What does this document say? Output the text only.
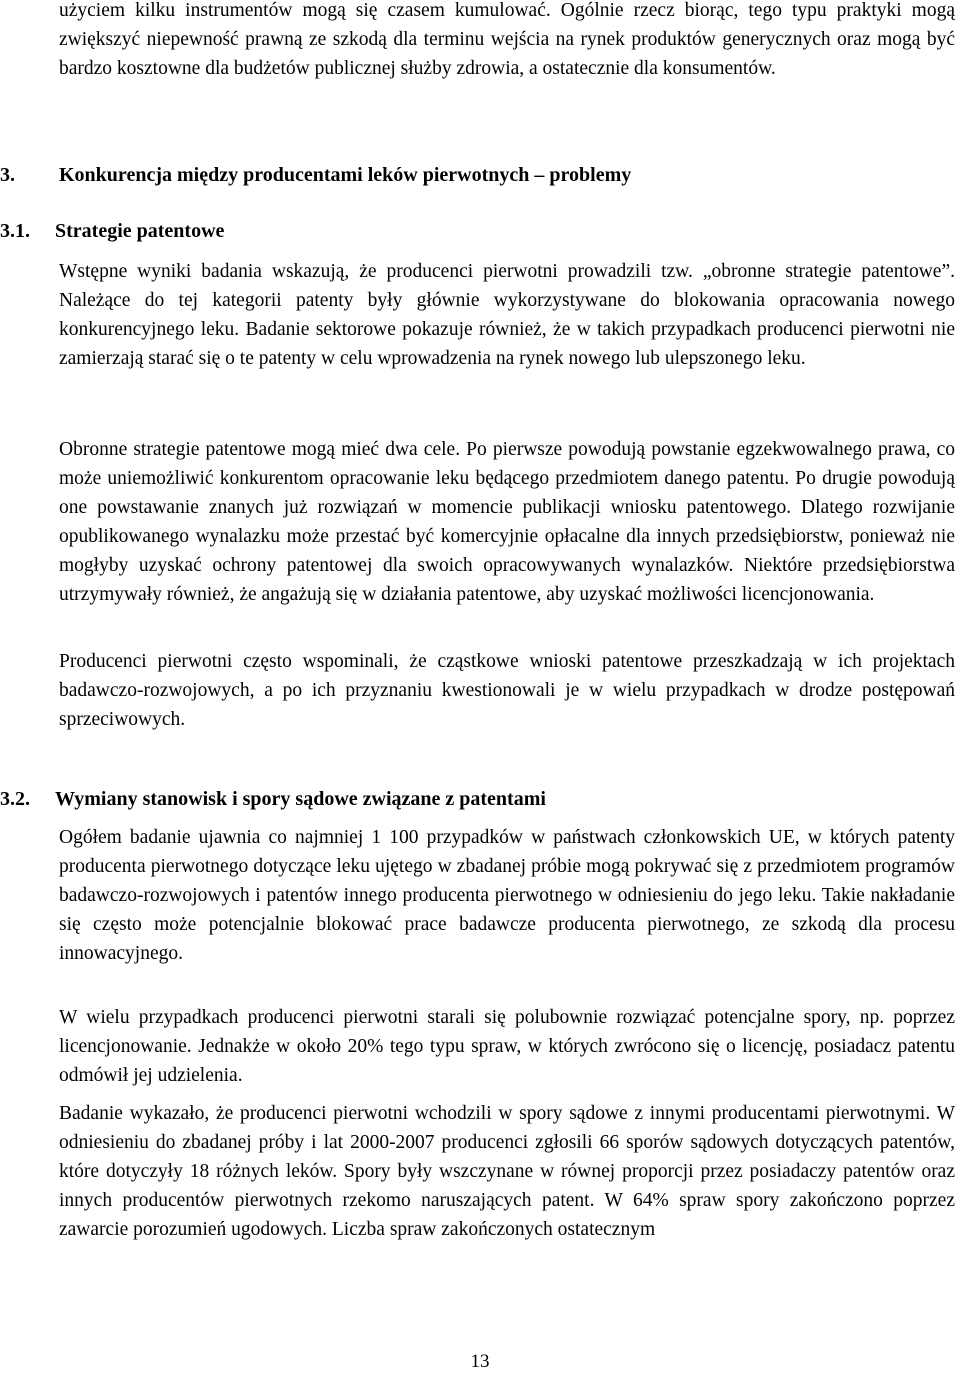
użyciem kilku instrumentów mogą się czasem kumulować. Ogólnie rzecz biorąc, tego typu praktyki mogą zwiększyć niepewność prawną ze szkodą dla terminu wejścia na rynek produktów generycznych oraz mogą być bardzo kosztowne dla budżetów publicznej służby zdrowia, a ostatecznie dla konsumentów.

3. Konkurencja między producentami leków pierwotnych – problemy
3.1. Strategie patentowe

Wstępne wyniki badania wskazują, że producenci pierwotni prowadzili tzw. „obronne strategie patentowe”. Należące do tej kategorii patenty były głównie wykorzystywane do blokowania opracowania nowego konkurencyjnego leku. Badanie sektorowe pokazuje również, że w takich przypadkach producenci pierwotni nie zamierzają starać się o te patenty w celu wprowadzenia na rynek nowego lub ulepszonego leku.

Obronne strategie patentowe mogą mieć dwa cele. Po pierwsze powodują powstanie egzekwowalnego prawa, co może uniemożliwić konkurentom opracowanie leku będącego przedmiotem danego patentu. Po drugie powodują one powstawanie znanych już rozwiązań w momencie publikacji wniosku patentowego. Dlatego rozwijanie opublikowanego wynalazku może przestać być komercyjnie opłacalne dla innych przedsiębiorstw, ponieważ nie mogłyby uzyskać ochrony patentowej dla swoich opracowywanych wynalazków. Niektóre przedsiębiorstwa utrzymywały również, że angażują się w działania patentowe, aby uzyskać możliwości licencjonowania.

Producenci pierwotni często wspominali, że cząstkowe wnioski patentowe przeszkadzają w ich projektach badawczo-rozwojowych, a po ich przyznaniu kwestionowali je w wielu przypadkach w drodze postępowań sprzeciwowych.

3.2. Wymiany stanowisk i spory sądowe związane z patentami

Ogółem badanie ujawnia co najmniej 1 100 przypadków w państwach członkowskich UE, w których patenty producenta pierwotnego dotyczące leku ujętego w zbadanej próbie mogą pokrywać się z przedmiotem programów badawczo-rozwojowych i patentów innego producenta pierwotnego w odniesieniu do jego leku. Takie nakładanie się często może potencjalnie blokować prace badawcze producenta pierwotnego, ze szkodą dla procesu innowacyjnego.

W wielu przypadkach producenci pierwotni starali się polubownie rozwiązać potencjalne spory, np. poprzez licencjonowanie. Jednakże w około 20% tego typu spraw, w których zwrócono się o licencję, posiadacz patentu odmówił jej udzielenia.

Badanie wykazało, że producenci pierwotni wchodzili w spory sądowe z innymi producentami pierwotnymi. W odniesieniu do zbadanej próby i lat 2000-2007 producenci zgłosili 66 sporów sądowych dotyczących patentów, które dotyczyły 18 różnych leków. Spory były wszczynane w równej proporcji przez posiadaczy patentów oraz innych producentów pierwotnych rzekomo naruszających patent. W 64% spraw spory zakończono poprzez zawarcie porozumień ugodowych. Liczba spraw zakończonych ostatecznym

13
